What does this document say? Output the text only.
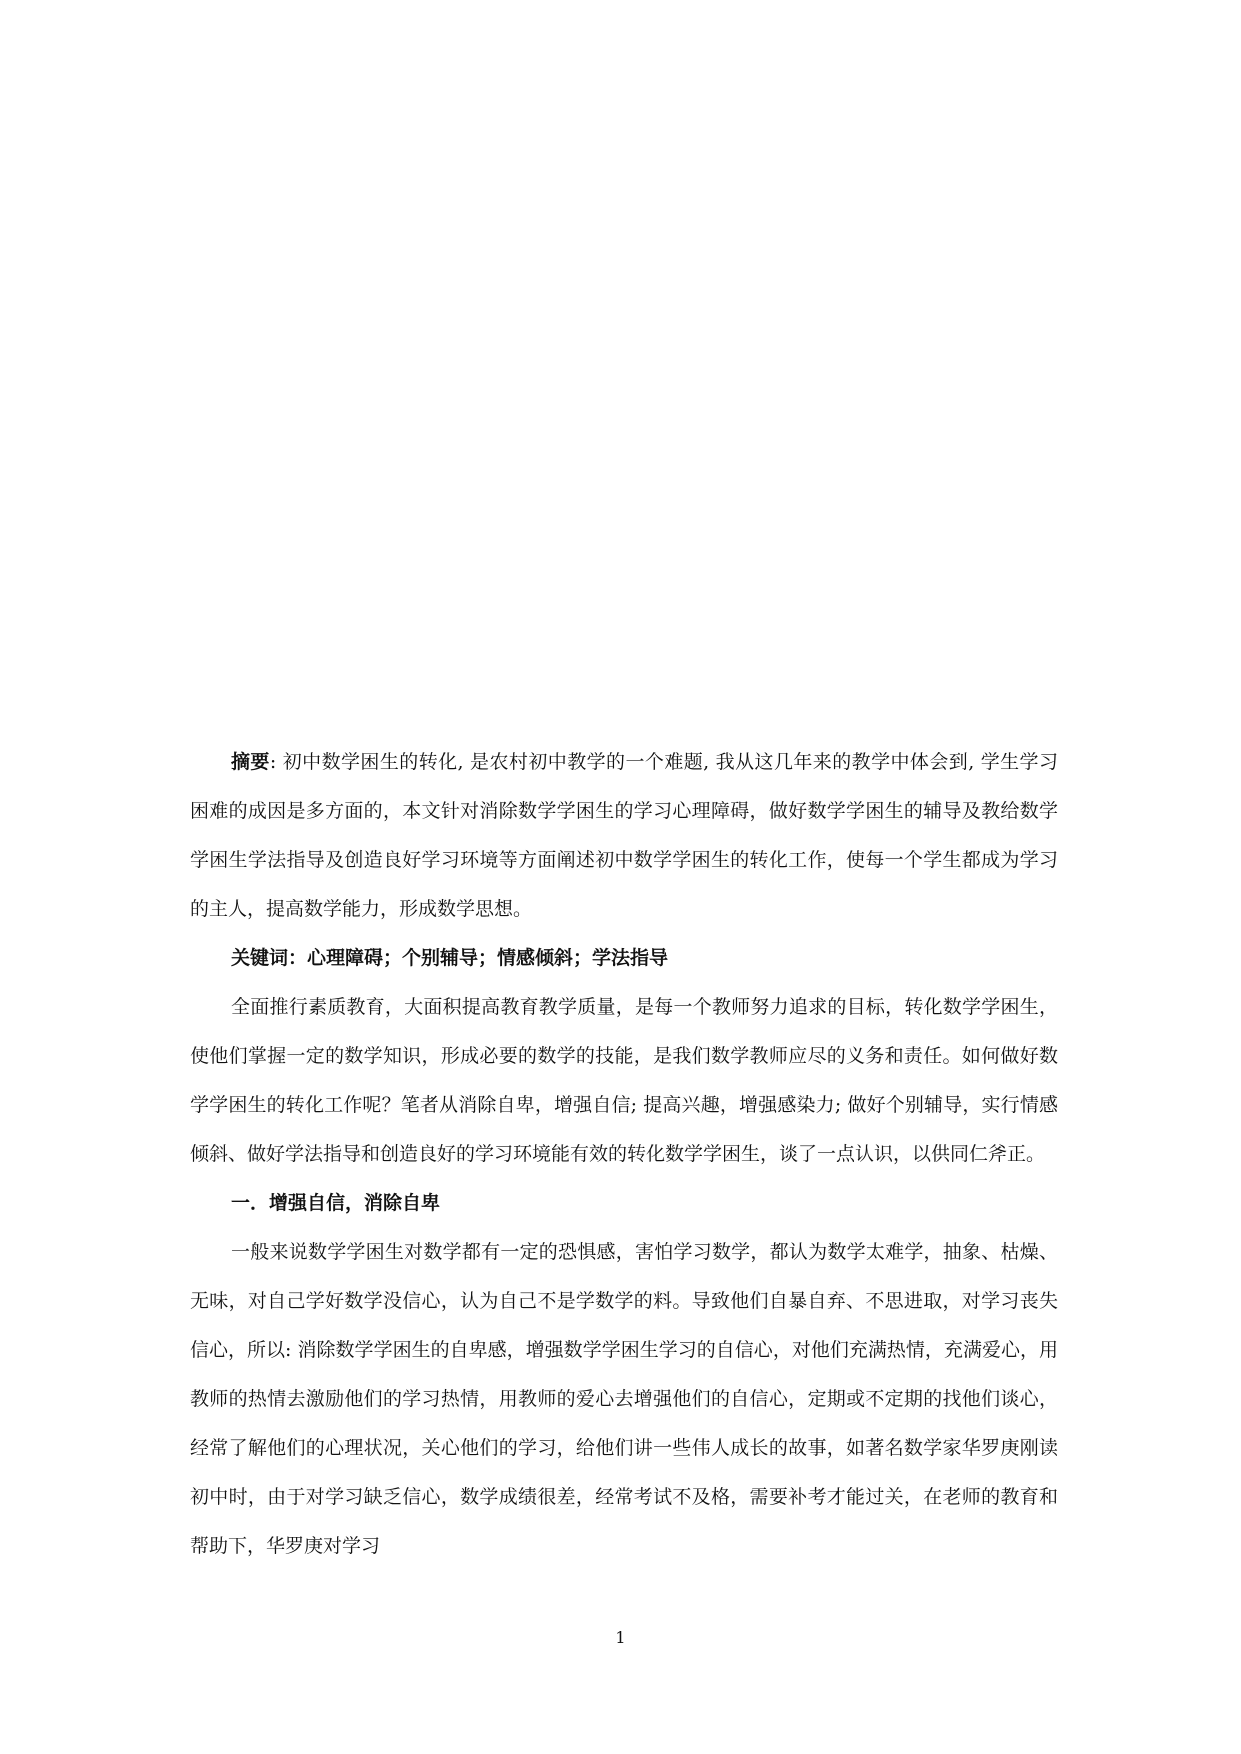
摘要: 初中数学困生的转化, 是农村初中教学的一个难题, 我从这几年来的教学中体会到, 学生学习困难的成因是多方面的，本文针对消除数学学困生的学习心理障碍，做好数学学困生的辅导及教给数学学困生学法指导及创造良好学习环境等方面阐述初中数学学困生的转化工作，使每一个学生都成为学习的主人，提高数学能力，形成数学思想。

关键词：心理障碍；个别辅导；情感倾斜；学法指导

全面推行素质教育，大面积提高教育教学质量，是每一个教师努力追求的目标，转化数学学困生，使他们掌握一定的数学知识，形成必要的数学的技能，是我们数学教师应尽的义务和责任。如何做好数学学困生的转化工作呢？笔者从消除自卑，增强自信; 提高兴趣，增强感染力; 做好个别辅导，实行情感倾斜、做好学法指导和创造良好的学习环境能有效的转化数学学困生，谈了一点认识，以供同仁斧正。

一．增强自信，消除自卑

一般来说数学学困生对数学都有一定的恐惧感，害怕学习数学，都认为数学太难学，抽象、枯燥、无味，对自己学好数学没信心，认为自己不是学数学的料。导致他们自暴自弃、不思进取，对学习丧失信心，所以: 消除数学学困生的自卑感，增强数学学困生学习的自信心，对他们充满热情，充满爱心，用教师的热情去激励他们的学习热情，用教师的爱心去增强他们的自信心，定期或不定期的找他们谈心，经常了解他们的心理状况，关心他们的学习，给他们讲一些伟人成长的故事，如著名数学家华罗庚刚读初中时，由于对学习缺乏信心，数学成绩很差，经常考试不及格，需要补考才能过关，在老师的教育和帮助下，华罗庚对学习

1
